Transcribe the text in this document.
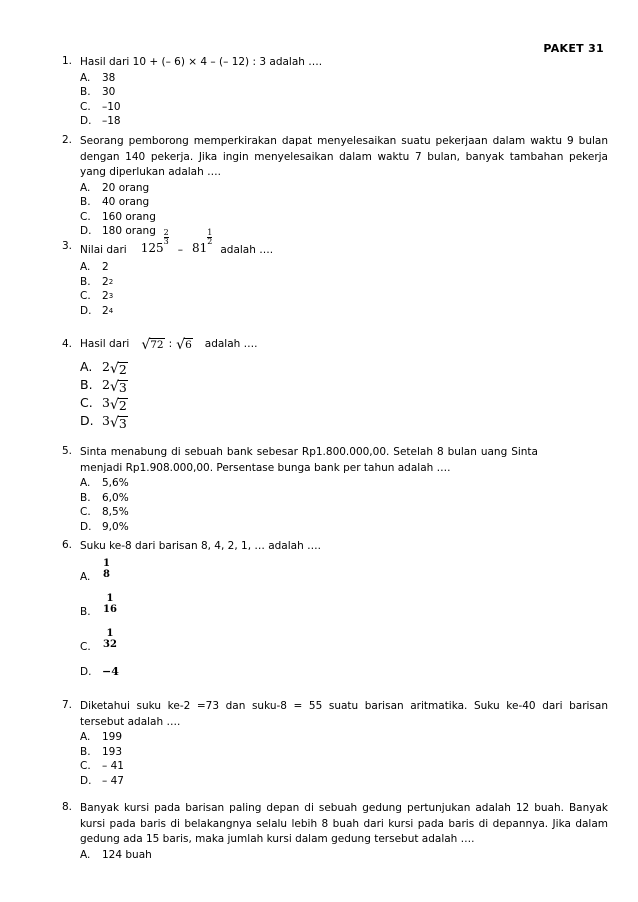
PAKET 31
1. Hasil dari 10 + (– 6) × 4 – (– 12) : 3 adalah ….
A.	38
B.	30
C.	–10
D.	–18
2. Seorang pemborong memperkirakan dapat menyelesaikan suatu pekerjaan dalam waktu 9 bulan dengan 140 pekerja. Jika ingin menyelesaikan dalam waktu 7 bulan, banyak tambahan pekerja yang diperlukan adalah ….
A.	20 orang
B.	40 orang
C.	160 orang
D.	180 orang
3. Nilai dari 125
$\frac{2}{3}$
– 81
$\frac{1}{2}$
adalah ….
A.	2
B.	2 2
C.	2 3
D.	2 4
4. Hasil dari √ 72 : √ 6 adalah ….
A. 2 √ 2
B. 2 √ 3
C. 3 √ 2
D. 3 √ 3
5. Sinta menabung di sebuah bank sebesar Rp1.800.000,00. Setelah 8 bulan uang Sinta menjadi Rp1.908.000,00. Persentase bunga bank per tahun adalah ….
A.	5,6%
B.	6,0%
C.	8,5%
D.	9,0%
6. Suku ke-8 dari barisan 8, 4, 2, 1, … adalah ….
A.
1
8
B.
1
16
C.
1
32
D. −4
7. Diketahui suku ke-2 =73 dan suku-8 = 55 suatu barisan aritmatika. Suku ke-40 dari barisan tersebut adalah ….
A.	199
B.	193
C.	– 41
D.	– 47
8. Banyak kursi pada barisan paling depan di sebuah gedung pertunjukan adalah 12 buah. Banyak kursi pada baris di belakangnya selalu lebih 8 buah dari kursi pada baris di depannya. Jika dalam gedung ada 15 baris, maka jumlah kursi dalam gedung tersebut adalah ….
A.	124 buah
